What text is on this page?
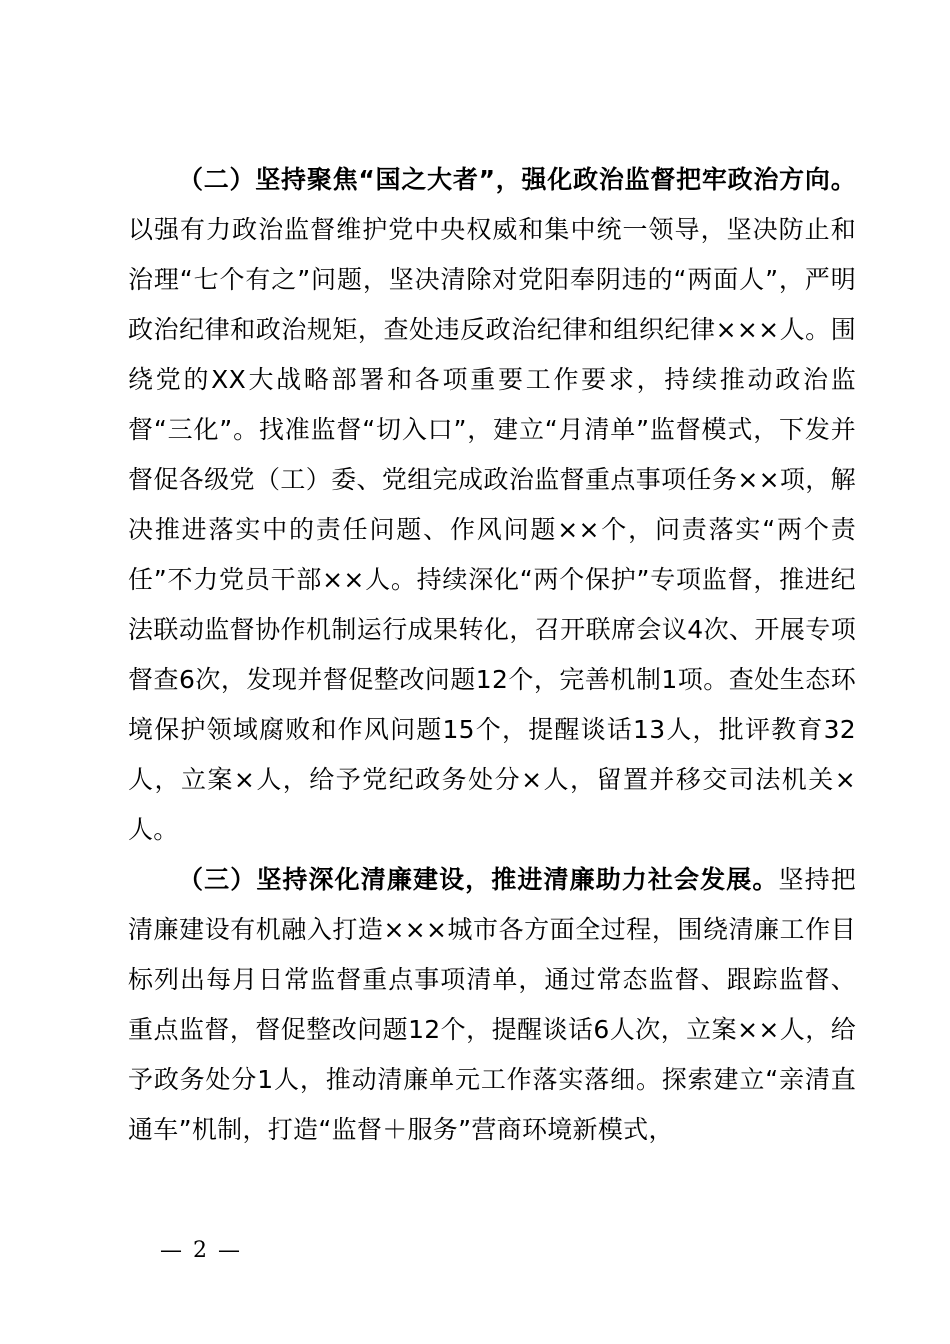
（二）坚持聚焦“国之大者”，强化政治监督把牢政治方向。以强有力政治监督维护党中央权威和集中统一领导，坚决防止和治理“七个有之”问题，坚决清除对党阳奉阴违的“两面人”，严明政治纪律和政治规矩，查处违反政治纪律和组织纪律×××人。围绕党的XX大战略部署和各项重要工作要求，持续推动政治监督“三化”。找准监督“切入口”，建立“月清单”监督模式，下发并督促各级党（工）委、党组完成政治监督重点事项任务××项，解决推进落实中的责任问题、作风问题××个，问责落实“两个责任”不力党员干部××人。持续深化“两个保护”专项监督，推进纪法联动监督协作机制运行成果转化，召开联席会议4次、开展专项督查6次，发现并督促整改问题12个，完善机制1项。查处生态环境保护领域腐败和作风问题15个，提醒谈话13人，批评教育32人，立案×人，给予党纪政务处分×人，留置并移交司法机关×人。

（三）坚持深化清廉建设，推进清廉助力社会发展。坚持把清廉建设有机融入打造×××城市各方面全过程，围绕清廉工作目标列出每月日常监督重点事项清单，通过常态监督、跟踪监督、重点监督，督促整改问题12个，提醒谈话6人次，立案××人，给予政务处分1人，推动清廉单元工作落实落细。探索建立“亲清直通车”机制，打造“监督＋服务”营商环境新模式，

— 2 —
